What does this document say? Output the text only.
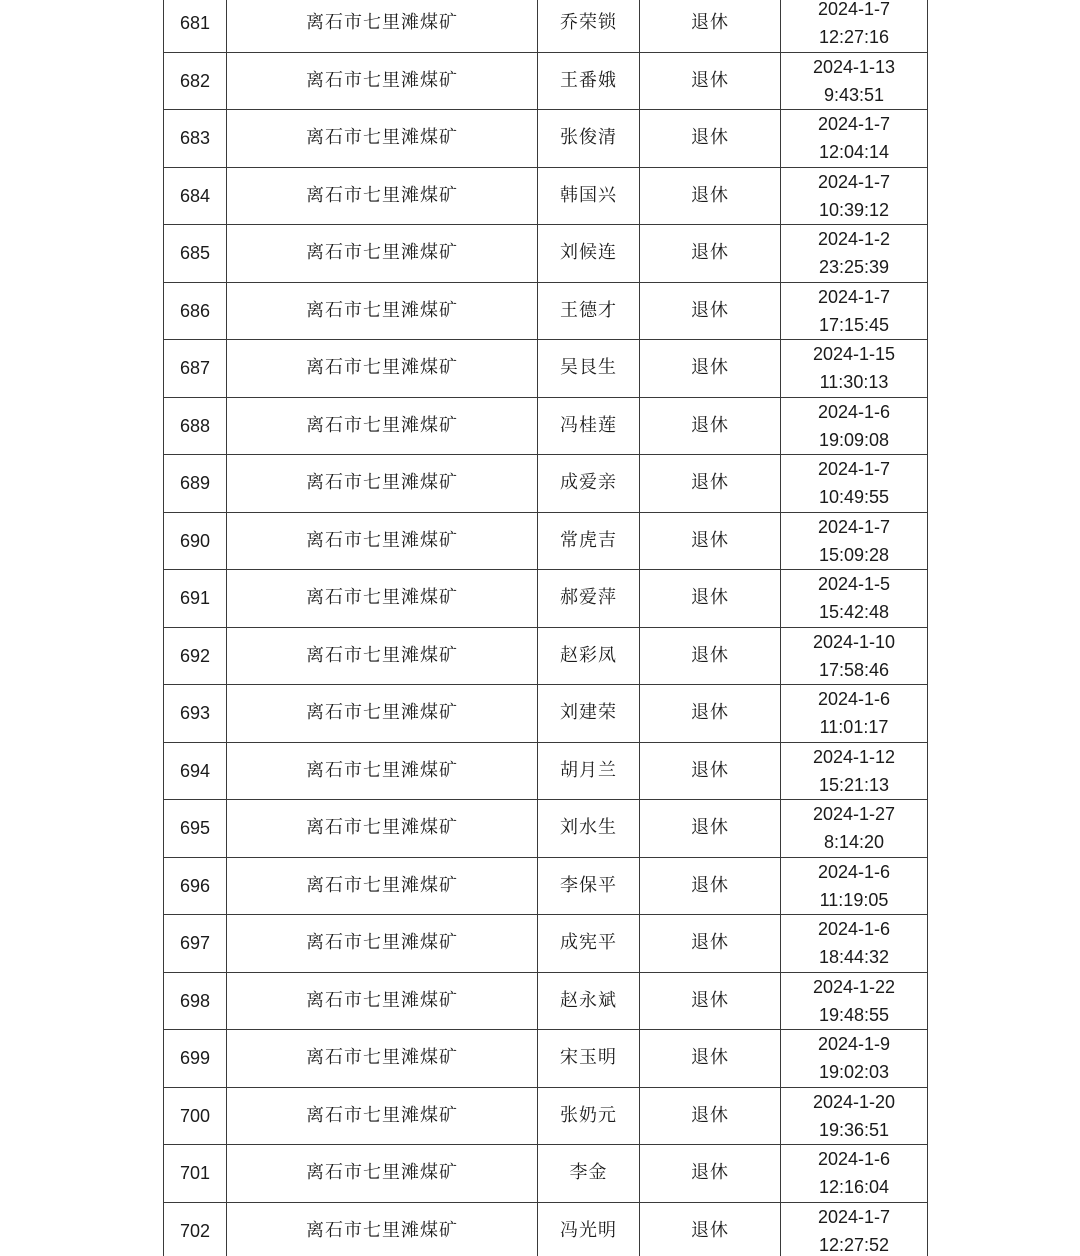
681	离石市七里滩煤矿	乔荣锁	退休	2024-1-7
12:27:16

682	离石市七里滩煤矿	王番娥	退休	2024-1-13
9:43:51

683	离石市七里滩煤矿	张俊清	退休	2024-1-7
12:04:14

684	离石市七里滩煤矿	韩国兴	退休	2024-1-7
10:39:12

685	离石市七里滩煤矿	刘候连	退休	2024-1-2
23:25:39

686	离石市七里滩煤矿	王德才	退休	2024-1-7
17:15:45

687	离石市七里滩煤矿	吴艮生	退休	2024-1-15
11:30:13

688	离石市七里滩煤矿	冯桂莲	退休	2024-1-6
19:09:08

689	离石市七里滩煤矿	成爱亲	退休	2024-1-7
10:49:55

690	离石市七里滩煤矿	常虎吉	退休	2024-1-7
15:09:28

691	离石市七里滩煤矿	郝爱萍	退休	2024-1-5
15:42:48

692	离石市七里滩煤矿	赵彩凤	退休	2024-1-10
17:58:46

693	离石市七里滩煤矿	刘建荣	退休	2024-1-6
11:01:17

694	离石市七里滩煤矿	胡月兰	退休	2024-1-12
15:21:13

695	离石市七里滩煤矿	刘水生	退休	2024-1-27
8:14:20

696	离石市七里滩煤矿	李保平	退休	2024-1-6
11:19:05

697	离石市七里滩煤矿	成宪平	退休	2024-1-6
18:44:32

698	离石市七里滩煤矿	赵永斌	退休	2024-1-22
19:48:55

699	离石市七里滩煤矿	宋玉明	退休	2024-1-9
19:02:03

700	离石市七里滩煤矿	张奶元	退休	2024-1-20
19:36:51

701	离石市七里滩煤矿	李金	退休	2024-1-6
12:16:04

702	离石市七里滩煤矿	冯光明	退休	2024-1-7
12:27:52
